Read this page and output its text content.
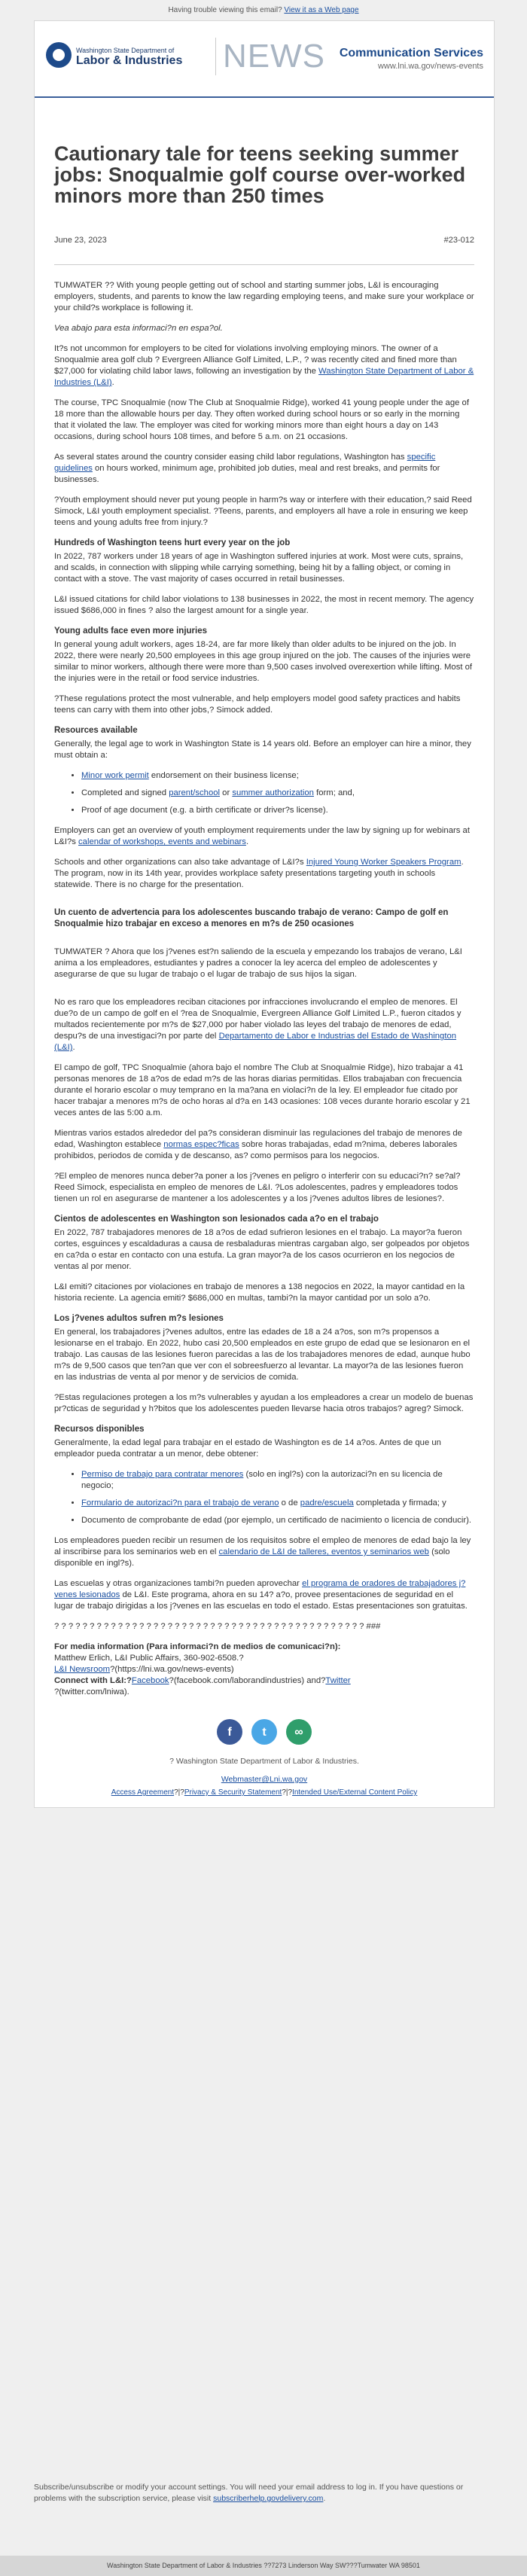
Having trouble viewing this email? View it as a Web page
Washington State Department of
Labor & Industries NEWS Communication Services
www.lni.wa.gov/news-events
Cautionary tale for teens seeking summer jobs: Snoqualmie golf course over-worked minors more than 250 times
June 23, 2023	#23-012

TUMWATER ?? With young people getting out of school and starting summer jobs, L&I is encouraging employers, students, and parents to know the law regarding employing teens, and make sure your workplace or your child?s workplace is following it.

Vea abajo para esta informaci?n en espa?ol.

It?s not uncommon for employers to be cited for violations involving employing minors. The owner of a Snoqualmie area golf club ? Evergreen Alliance Golf Limited, L.P., ? was recently cited and fined more than $27,000 for violating child labor laws, following an investigation by the Washington State Department of Labor & Industries (L&I).

The course, TPC Snoqualmie (now The Club at Snoqualmie Ridge), worked 41 young people under the age of 18 more than the allowable hours per day. They often worked during school hours or so early in the morning that it violated the law. The employer was cited for working minors more than eight hours a day on 143 occasions, during school hours 108 times, and before 5 a.m. on 21 occasions.

As several states around the country consider easing child labor regulations, Washington has specific guidelines on hours worked, minimum age, prohibited job duties, meal and rest breaks, and permits for businesses.

?Youth employment should never put young people in harm?s way or interfere with their education,? said Reed Simock, L&I youth employment specialist. ?Teens, parents, and employers all have a role in ensuring we keep teens and young adults free from injury.?

Hundreds of Washington teens hurt every year on the job

In 2022, 787 workers under 18 years of age in Washington suffered injuries at work. Most were cuts, sprains, and scalds, in connection with slipping while carrying something, being hit by a falling object, or coming in contact with a stove. The vast majority of cases occurred in retail businesses.

L&I issued citations for child labor violations to 138 businesses in 2022, the most in recent memory. The agency issued $686,000 in fines ? also the largest amount for a single year.

Young adults face even more injuries

In general young adult workers, ages 18-24, are far more likely than older adults to be injured on the job. In 2022, there were nearly 20,500 employees in this age group injured on the job. The causes of the injuries were similar to minor workers, although there were more than 9,500 cases involved overexertion while lifting. Most of the injuries were in the retail or food service industries.

?These regulations protect the most vulnerable, and help employers model good safety practices and habits teens can carry with them into other jobs,? Simock added.

Resources available

Generally, the legal age to work in Washington State is 14 years old. Before an employer can hire a minor, they must obtain a:

• Minor work permit endorsement on their business license;
• Completed and signed parent/school or summer authorization form; and,
• Proof of age document (e.g. a birth certificate or driver?s license).

Employers can get an overview of youth employment requirements under the law by signing up for webinars at L&I?s calendar of workshops, events and webinars.

Schools and other organizations can also take advantage of L&I?s Injured Young Worker Speakers Program. The program, now in its 14th year, provides workplace safety presentations targeting youth in schools statewide. There is no charge for the presentation.

Un cuento de advertencia para los adolescentes buscando trabajo de verano: Campo de golf en Snoqualmie hizo trabajar en exceso a menores en m?s de 250 ocasiones

TUMWATER ? Ahora que los j?venes est?n saliendo de la escuela y empezando los trabajos de verano, L&I anima a los empleadores, estudiantes y padres a conocer la ley acerca del empleo de adolescentes y asegurarse de que su lugar de trabajo o el lugar de trabajo de sus hijos la sigan.

No es raro que los empleadores reciban citaciones por infracciones involucrando el empleo de menores. El due?o de un campo de golf en el ?rea de Snoqualmie, Evergreen Alliance Golf Limited L.P., fueron citados y multados recientemente por m?s de $27,000 por haber violado las leyes del trabajo de menores de edad, despu?s de una investigaci?n por parte del Departamento de Labor e Industrias del Estado de Washington (L&I).

El campo de golf, TPC Snoqualmie (ahora bajo el nombre The Club at Snoqualmie Ridge), hizo trabajar a 41 personas menores de 18 a?os de edad m?s de las horas diarias permitidas. Ellos trabajaban con frecuencia durante el horario escolar o muy temprano en la ma?ana en violaci?n de la ley. El empleador fue citado por hacer trabajar a menores m?s de ocho horas al d?a en 143 ocasiones: 108 veces durante horario escolar y 21 veces antes de las 5:00 a.m.

Mientras varios estados alrededor del pa?s consideran disminuir las regulaciones del trabajo de menores de edad, Washington establece normas espec?ficas sobre horas trabajadas, edad m?nima, deberes laborales prohibidos, periodos de comida y de descanso, as? como permisos para los negocios.

?El empleo de menores nunca deber?a poner a los j?venes en peligro o interferir con su educaci?n? se?al? Reed Simock, especialista en empleo de menores de L&I. ?Los adolescentes, padres y empleadores todos tienen un rol en asegurarse de mantener a los adolescentes y a los j?venes adultos libres de lesiones?.

Cientos de adolescentes en Washington son lesionados cada a?o en el trabajo

En 2022, 787 trabajadores menores de 18 a?os de edad sufrieron lesiones en el trabajo. La mayor?a fueron cortes, esguinces y escaldaduras a causa de resbaladuras mientras cargaban algo, ser golpeados por objetos en ca?da o estar en contacto con una estufa. La gran mayor?a de los casos ocurrieron en los negocios de ventas al por menor.

L&I emiti? citaciones por violaciones en trabajo de menores a 138 negocios en 2022, la mayor cantidad en la historia reciente. La agencia emiti? $686,000 en multas, tambi?n la mayor cantidad por un solo a?o.

Los j?venes adultos sufren m?s lesiones

En general, los trabajadores j?venes adultos, entre las edades de 18 a 24 a?os, son m?s propensos a lesionarse en el trabajo. En 2022, hubo casi 20,500 empleados en este grupo de edad que se lesionaron en el trabajo. Las causas de las lesiones fueron parecidas a las de los trabajadores menores de edad, aunque hubo m?s de 9,500 casos que ten?an que ver con el sobreesfuerzo al levantar. La mayor?a de las lesiones fueron en las industrias de venta al por menor y de servicios de comida.

?Estas regulaciones protegen a los m?s vulnerables y ayudan a los empleadores a crear un modelo de buenas pr?cticas de seguridad y h?bitos que los adolescentes pueden llevarse hacia otros trabajos? agreg? Simock.

Recursos disponibles

Generalmente, la edad legal para trabajar en el estado de Washington es de 14 a?os. Antes de que un empleador pueda contratar a un menor, debe obtener:

• Permiso de trabajo para contratar menores (solo en ingl?s) con la autorizaci?n en su licencia de negocio;
• Formulario de autorizaci?n para el trabajo de verano o de padre/escuela completada y firmada; y
• Documento de comprobante de edad (por ejemplo, un certificado de nacimiento o licencia de conducir).

Los empleadores pueden recibir un resumen de los requisitos sobre el empleo de menores de edad bajo la ley al inscribirse para los seminarios web en el calendario de L&I de talleres, eventos y seminarios web (solo disponible en ingl?s).

Las escuelas y otras organizaciones tambi?n pueden aprovechar el programa de oradores de trabajadores j?venes lesionados de L&I. Este programa, ahora en su 14? a?o, provee presentaciones de seguridad en el lugar de trabajo dirigidas a los j?venes en las escuelas en todo el estado. Estas presentaciones son gratuitas.

? ? ? ? ? ? ? ? ? ? ? ? ? ? ? ? ? ? ? ? ? ? ? ? ? ? ? ? ? ? ? ? ? ? ? ? ? ? ? ? ? ? ? ? ###

For media information (Para informaci?n de medios de comunicaci?n):
Matthew Erlich, L&I Public Affairs, 360-902-6508.?
L&I Newsroom?(https://lni.wa.gov/news-events)
Connect with L&I:?Facebook?(facebook.com/laborandindustries) and?Twitter
?(twitter.com/lniwa).

f	t	∞
? Washington State Department of Labor & Industries.
Webmaster@Lni.wa.gov
Access Agreement?|?Privacy & Security Statement?|?Intended Use/External Content Policy
Subscribe/unsubscribe or modify your account settings. You will need your email address to log in. If you have questions or problems with the subscription service, please visit subscriberhelp.govdelivery.com.
Washington State Department of Labor & Industries ??7273 Linderson Way SW???Tumwater WA 98501
